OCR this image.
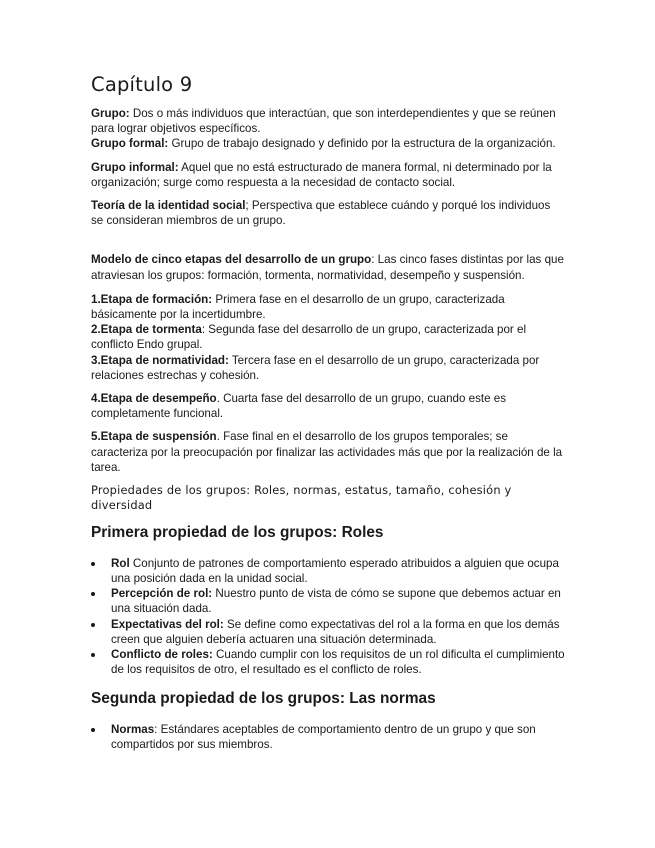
Capítulo 9

Grupo: Dos o más individuos que interactúan, que son interdependientes y que se reúnen para lograr objetivos específicos.

Grupo formal: Grupo de trabajo designado y definido por la estructura de la organización.

Grupo informal: Aquel que no está estructurado de manera formal, ni determinado por la organización; surge como respuesta a la necesidad de contacto social.

Teoría de la identidad social; Perspectiva que establece cuándo y porqué los individuos se consideran miembros de un grupo.

Modelo de cinco etapas del desarrollo de un grupo: Las cinco fases distintas por las que atraviesan los grupos: formación, tormenta, normatividad, desempeño y suspensión.

1.Etapa de formación: Primera fase en el desarrollo de un grupo, caracterizada básicamente por la incertidumbre.

2.Etapa de tormenta: Segunda fase del desarrollo de un grupo, caracterizada por el conflicto Endo grupal.

3.Etapa de normatividad: Tercera fase en el desarrollo de un grupo, caracterizada por relaciones estrechas y cohesión.

4.Etapa de desempeño. Cuarta fase del desarrollo de un grupo, cuando este es completamente funcional.

5.Etapa de suspensión. Fase final en el desarrollo de los grupos temporales; se caracteriza por la preocupación por finalizar las actividades más que por la realización de la tarea.

Propiedades de los grupos: Roles, normas, estatus, tamaño, cohesión y diversidad

Primera propiedad de los grupos: Roles
Rol Conjunto de patrones de comportamiento esperado atribuidos a alguien que ocupa una posición dada en la unidad social.
Percepción de rol: Nuestro punto de vista de cómo se supone que debemos actuar en una situación dada.
Expectativas del rol: Se define como expectativas del rol a la forma en que los demás creen que alguien debería actuaren una situación determinada.
Conflicto de roles: Cuando cumplir con los requisitos de un rol dificulta el cumplimiento de los requisitos de otro, el resultado es el conflicto de roles.
Segunda propiedad de los grupos: Las normas
Normas: Estándares aceptables de comportamiento dentro de un grupo y que son compartidos por sus miembros.
